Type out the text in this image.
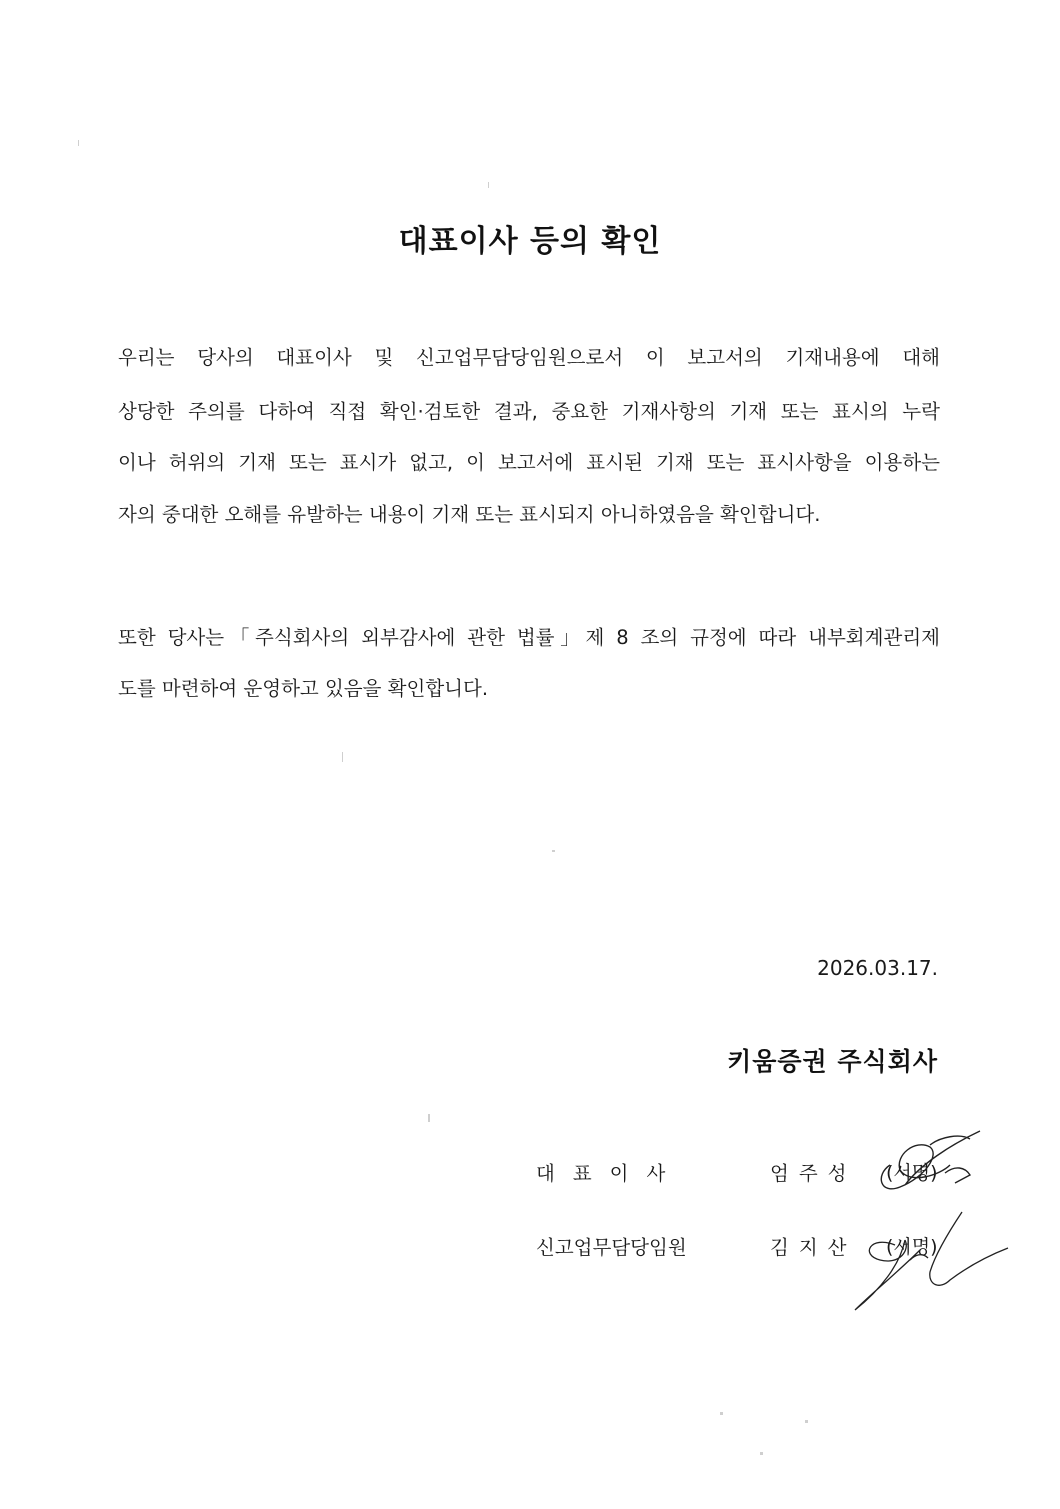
대표이사 등의 확인
우리는 당사의 대표이사 및 신고업무담당임원으로서 이 보고서의 기재내용에 대해
상당한 주의를 다하여 직접 확인·검토한 결과, 중요한 기재사항의 기재 또는 표시의 누락
이나 허위의 기재 또는 표시가 없고, 이 보고서에 표시된 기재 또는 표시사항을 이용하는
자의 중대한 오해를 유발하는 내용이 기재 또는 표시되지 아니하였음을 확인합니다.
또한 당사는「주식회사의 외부감사에 관한 법률」제 8 조의 규정에 따라 내부회계관리제
도를 마련하여 운영하고 있음을 확인합니다.
2026.03.17.
키움증권 주식회사
대표이사	엄주성 (서명)
신고업무담당임원	김지산 (서명)
